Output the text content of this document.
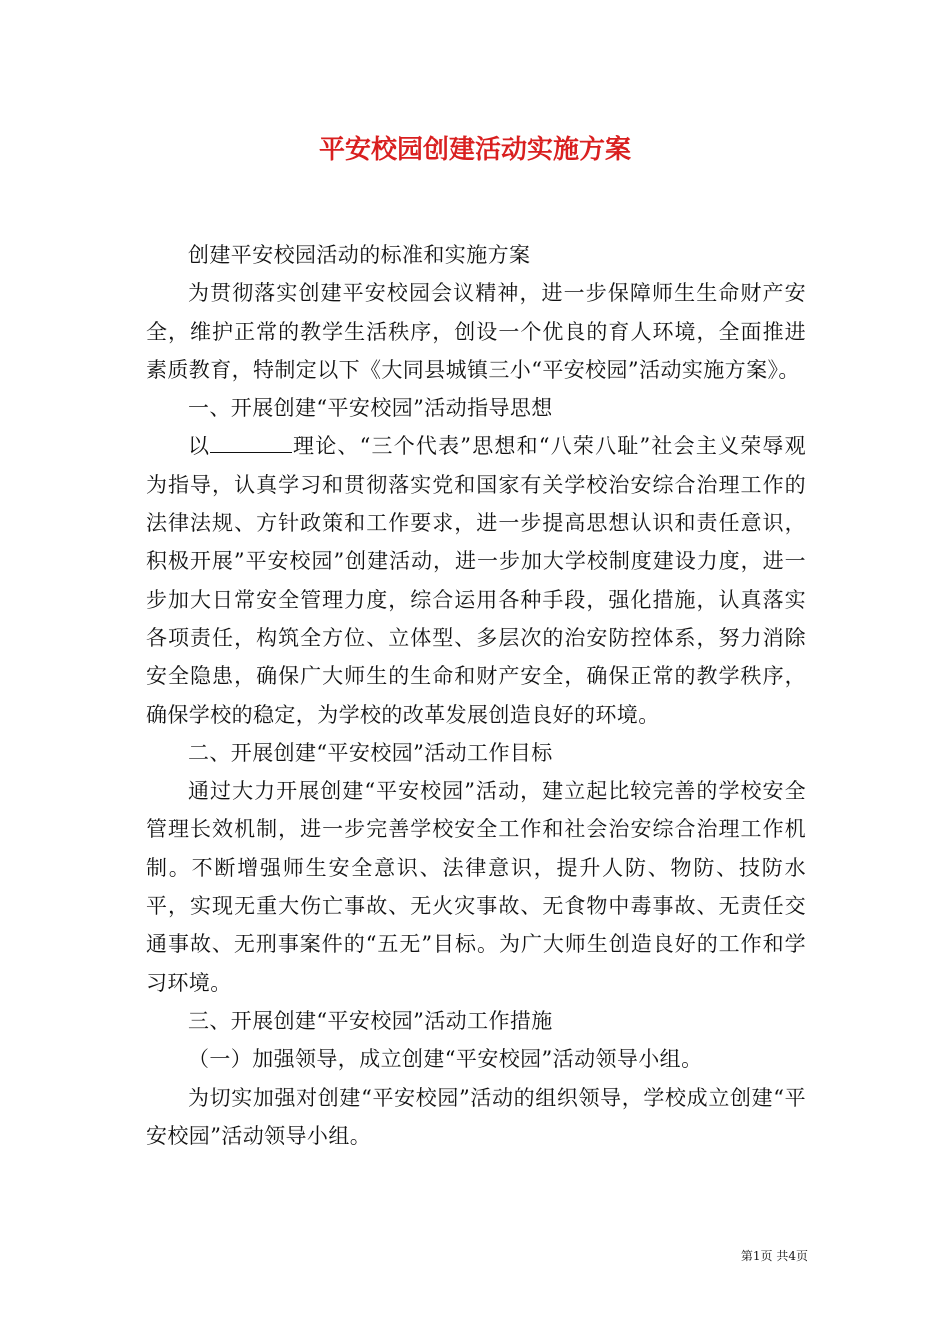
平安校园创建活动实施方案

创建平安校园活动的标准和实施方案

为贯彻落实创建平安校园会议精神，进一步保障师生生命财产安全，维护正常的教学生活秩序，创设一个优良的育人环境，全面推进素质教育，特制定以下《大同县城镇三小“平安校园”活动实施方案》。

一、开展创建“平安校园”活动指导思想

以	理论、“三个代表”思想和“八荣八耻”社会主义荣辱观为指导，认真学习和贯彻落实党和国家有关学校治安综合治理工作的法律法规、方针政策和工作要求，进一步提高思想认识和责任意识，积极开展”平安校园”创建活动，进一步加大学校制度建设力度，进一步加大日常安全管理力度，综合运用各种手段，强化措施，认真落实各项责任，构筑全方位、立体型、多层次的治安防控体系，努力消除安全隐患，确保广大师生的生命和财产安全，确保正常的教学秩序，确保学校的稳定，为学校的改革发展创造良好的环境。

二、开展创建“平安校园”活动工作目标

通过大力开展创建“平安校园”活动，建立起比较完善的学校安全管理长效机制，进一步完善学校安全工作和社会治安综合治理工作机制。不断增强师生安全意识、法律意识，提升人防、物防、技防水平，实现无重大伤亡事故、无火灾事故、无食物中毒事故、无责任交通事故、无刑事案件的“五无”目标。为广大师生创造良好的工作和学习环境。

三、开展创建“平安校园”活动工作措施

（一）加强领导，成立创建“平安校园”活动领导小组。

为切实加强对创建“平安校园”活动的组织领导，学校成立创建“平安校园”活动领导小组。

第1页 共4页
